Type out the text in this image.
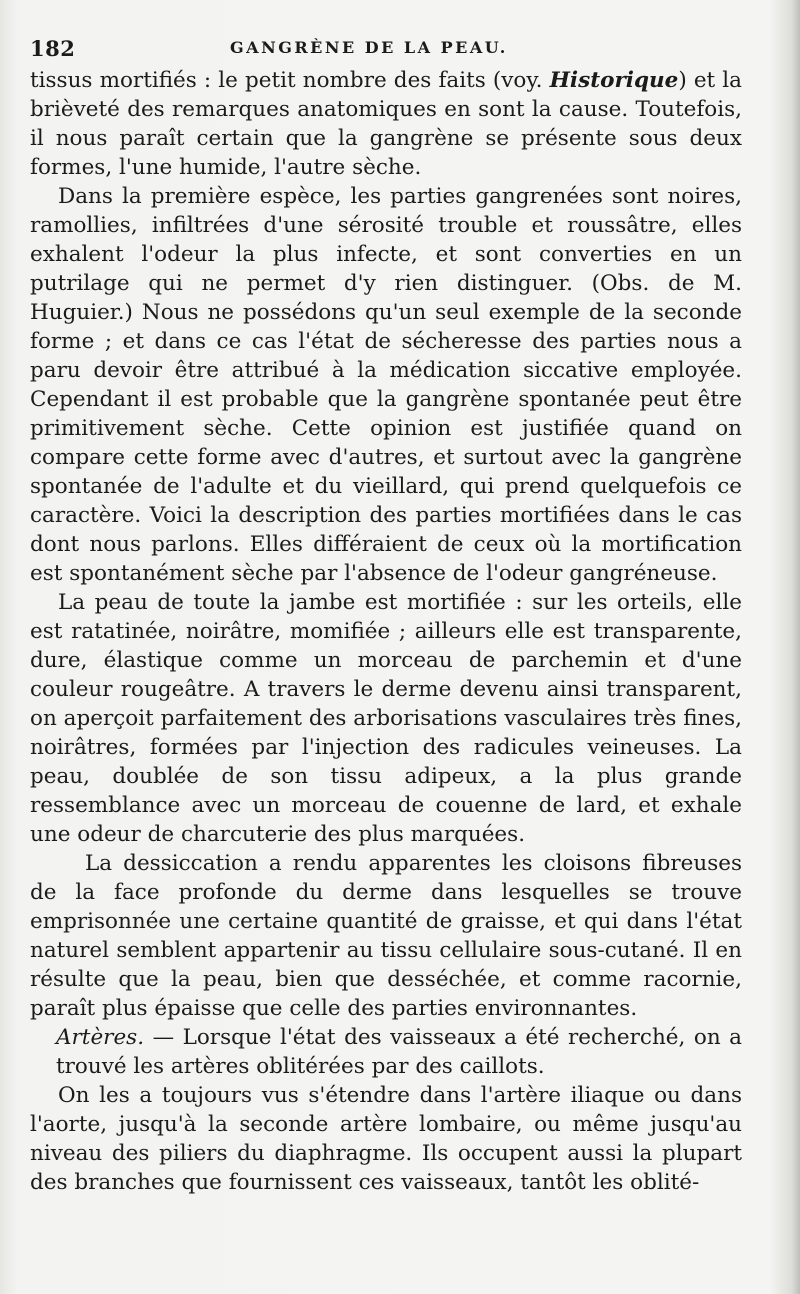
182	GANGRÈNE DE LA PEAU.

tissus mortifiés : le petit nombre des faits (voy. Historique) et la brièveté des remarques anatomiques en sont la cause. Toutefois, il nous paraît certain que la gangrène se présente sous deux formes, l'une humide, l'autre sèche.

Dans la première espèce, les parties gangrenées sont noires, ramollies, infiltrées d'une sérosité trouble et roussâtre, elles exhalent l'odeur la plus infecte, et sont converties en un putrilage qui ne permet d'y rien distinguer. (Obs. de M. Huguier.) Nous ne possédons qu'un seul exemple de la seconde forme ; et dans ce cas l'état de sécheresse des parties nous a paru devoir être attribué à la médication siccative employée. Cependant il est probable que la gangrène spontanée peut être primitivement sèche. Cette opinion est justifiée quand on compare cette forme avec d'autres, et surtout avec la gangrène spontanée de l'adulte et du vieillard, qui prend quelquefois ce caractère. Voici la description des parties mortifiées dans le cas dont nous parlons. Elles différaient de ceux où la mortification est spontanément sèche par l'absence de l'odeur gangréneuse.

La peau de toute la jambe est mortifiée : sur les orteils, elle est ratatinée, noirâtre, momifiée ; ailleurs elle est transparente, dure, élastique comme un morceau de parchemin et d'une couleur rougeâtre. A travers le derme devenu ainsi transparent, on aperçoit parfaitement des arborisations vasculaires très fines, noirâtres, formées par l'injection des radicules veineuses. La peau, doublée de son tissu adipeux, a la plus grande ressemblance avec un morceau de couenne de lard, et exhale une odeur de charcuterie des plus marquées.

La dessiccation a rendu apparentes les cloisons fibreuses de la face profonde du derme dans lesquelles se trouve emprisonnée une certaine quantité de graisse, et qui dans l'état naturel semblent appartenir au tissu cellulaire sous-cutané. Il en résulte que la peau, bien que desséchée, et comme racornie, paraît plus épaisse que celle des parties environnantes.

Artères. — Lorsque l'état des vaisseaux a été recherché, on a trouvé les artères oblitérées par des caillots.

On les a toujours vus s'étendre dans l'artère iliaque ou dans l'aorte, jusqu'à la seconde artère lombaire, ou même jusqu'au niveau des piliers du diaphragme. Ils occupent aussi la plupart des branches que fournissent ces vaisseaux, tantôt les oblité-
